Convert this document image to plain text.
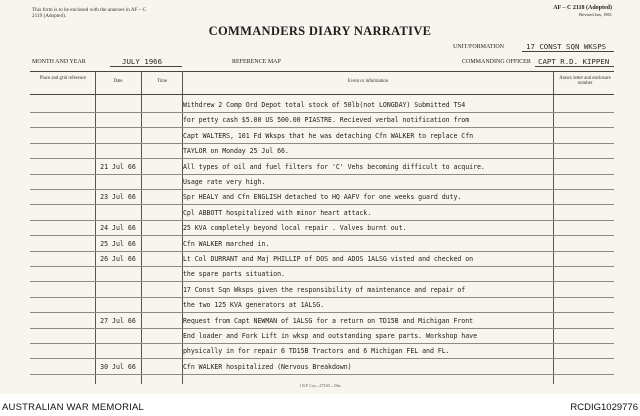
This form is to be enclosed with the annexes in AF – C 2119 (Adopted).
COMMANDERS DIARY NARRATIVE
AF – C 2118 (Adopted)
Revised Jan, 1961
MONTH AND YEAR	JULY 1966	REFERENCE MAP
UNIT/FORMATION	17 CONST SQN WKSPS
COMMANDING OFFICER CAPT R.D. KIPPEN
Place and grid reference
Date	Time	Event or information
Annex letter and enclosure number
Withdrew 2 Comp Ord Depot total stock of 50lb(not LONGDAY) Submitted TS4
for petty cash $5.00 US 500.00 PIASTRE. Recieved verbal notification from
Capt WALTERS, 101 Fd Wksps that he was detaching Cfn WALKER to replace Cfn
TAYLOR on Monday 25 Jul 66.
21 Jul 66	All types of oil and fuel filters for 'C' Vehs becoming difficult to acquire.
Usage rate very high.
23 Jul 66	Spr HEALY and Cfn ENGLISH detached to HQ AAFV for one weeks guard duty.
Cpl ABBOTT hospitalized with minor heart attack.
24 Jul 66	25 KVA completely beyond local repair . Valves burnt out.
25 Jul 66	Cfn WALKER marched in.
26 Jul 66	Lt Col DURRANT and Maj PHILLIP of DOS and ADOS 1ALSG visted and checked on
the spare parts situation.
17 Const Sqn Wksps given the responsibility of maintenance and repair of
the two 125 KVA generators at 1ALSG.
27 Jul 66	Request from Capt NEWMAN of 1ALSG for a return on TD15B and Michigan Front
End loader and Fork Lift in wksp and outstanding spare parts. Workshop have
physically in for repair 6 TD15B Tractors and 6 Michigan FEL and FL.
30 Jul 66	Cfn WALKER hospitalized (Nervous Breakdown)
1 B.P. Coy—275/65—50m
AUSTRALIAN WAR MEMORIAL	RCDIG1029776
